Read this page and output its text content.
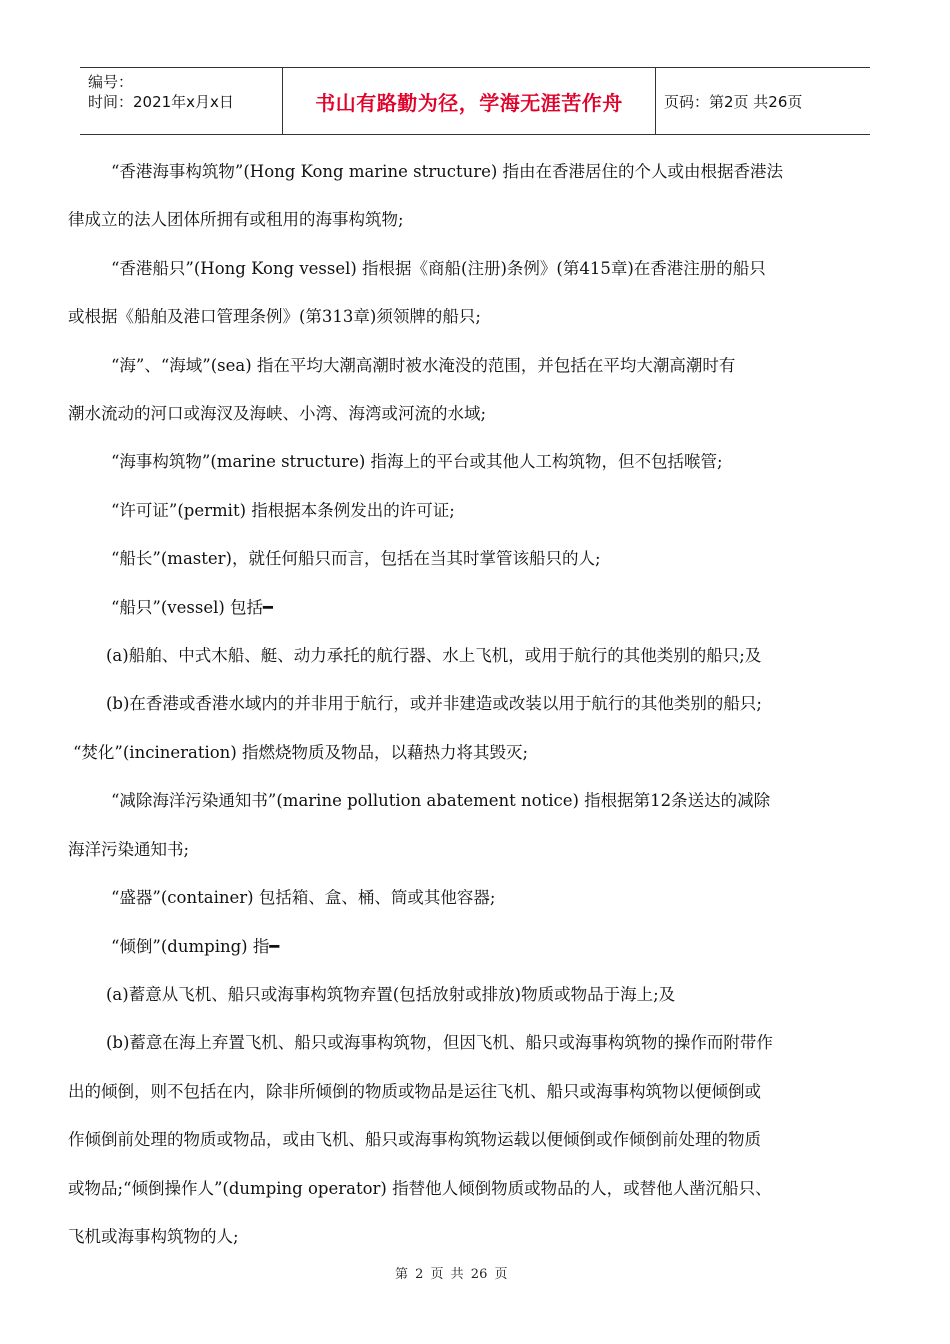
编号：
时间：2021年x月x日	书山有路勤为径，学海无涯苦作舟	页码：第2页 共26页

“香港海事构筑物”(Hong Kong marine structure) 指由在香港居住的个人或由根据香港法

律成立的法人团体所拥有或租用的海事构筑物;

“香港船只”(Hong Kong vessel) 指根据《商船(注册)条例》(第415章)在香港注册的船只

或根据《船舶及港口管理条例》(第313章)须领牌的船只;

“海”、“海域”(sea) 指在平均大潮高潮时被水淹没的范围，并包括在平均大潮高潮时有

潮水流动的河口或海汊及海峡、小湾、海湾或河流的水域;

“海事构筑物”(marine structure) 指海上的平台或其他人工构筑物，但不包括喉管;

“许可证”(permit) 指根据本条例发出的许可证;

“船长”(master)，就任何船只而言，包括在当其时掌管该船只的人;

“船只”(vessel) 包括━

(a)船舶、中式木船、艇、动力承托的航行器、水上飞机，或用于航行的其他类别的船只;及

(b)在香港或香港水域内的并非用于航行，或并非建造或改装以用于航行的其他类别的船只;

“焚化”(incineration) 指燃烧物质及物品，以藉热力将其毁灭;

“减除海洋污染通知书”(marine pollution abatement notice) 指根据第12条送达的减除

海洋污染通知书;

“盛器”(container) 包括箱、盒、桶、筒或其他容器;

“倾倒”(dumping) 指━

(a)蓄意从飞机、船只或海事构筑物弃置(包括放射或排放)物质或物品于海上;及

(b)蓄意在海上弃置飞机、船只或海事构筑物，但因飞机、船只或海事构筑物的操作而附带作

出的倾倒，则不包括在内，除非所倾倒的物质或物品是运往飞机、船只或海事构筑物以便倾倒或

作倾倒前处理的物质或物品，或由飞机、船只或海事构筑物运载以便倾倒或作倾倒前处理的物质

或物品;“倾倒操作人”(dumping operator) 指替他人倾倒物质或物品的人，或替他人凿沉船只、

飞机或海事构筑物的人;

第 2 页 共 26 页
